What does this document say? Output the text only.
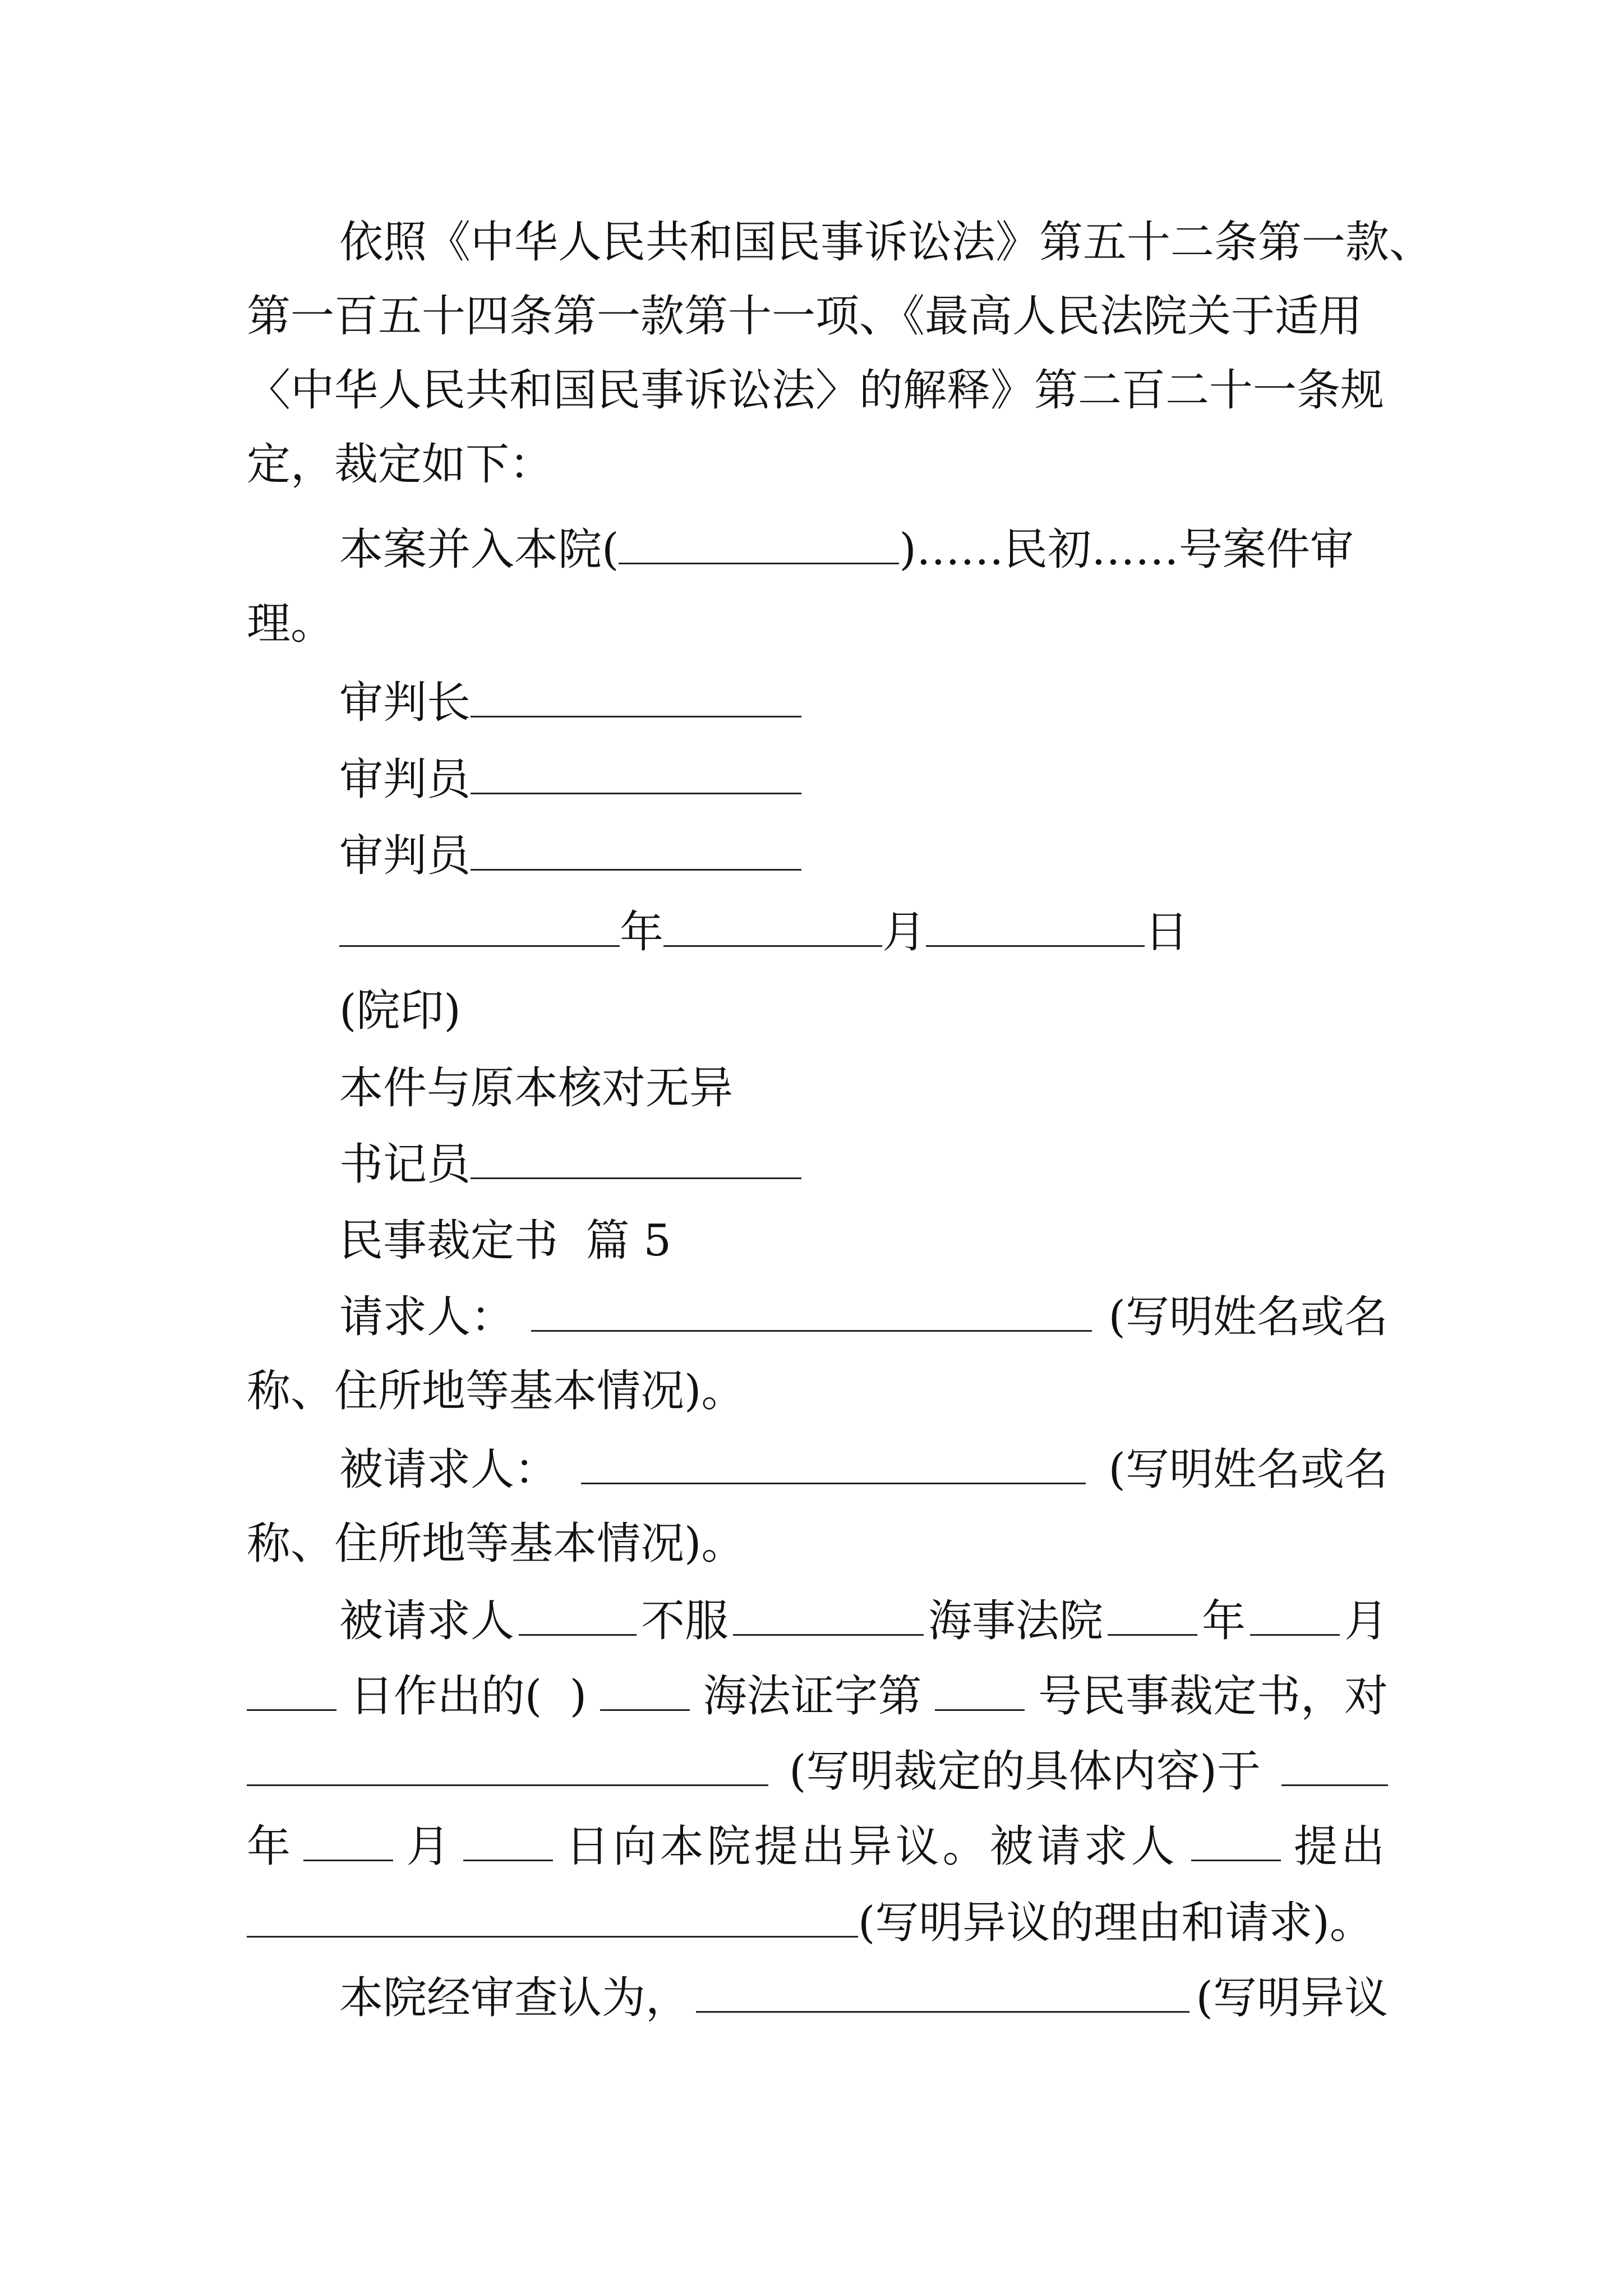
依照《中华人民共和国民事诉讼法》第五十二条第一款、
第一百五十四条第一款第十一项、《最高人民法院关于适用
〈中华人民共和国民事诉讼法〉的解释》第二百二十一条规
定，裁定如下：
本案并入本院(	)……民初……号案件审
理。
审判长
审判员
审判员
年	月	日
(院印)
本件与原本核对无异
书记员
民事裁定书  篇 5
请求人：	(写明姓名或名
称、住所地等基本情况)。
被请求人：	(写明姓名或名
称、住所地等基本情况)。
被请求人	不服	海事法院 年 月
日作出的(  )	海法证字第	号民事裁定书，对
(写明裁定的具体内容)于
年	月	日向本院提出异议。被请求人	提出
(写明异议的理由和请求)。
本院经审查认为，	(写明异议
